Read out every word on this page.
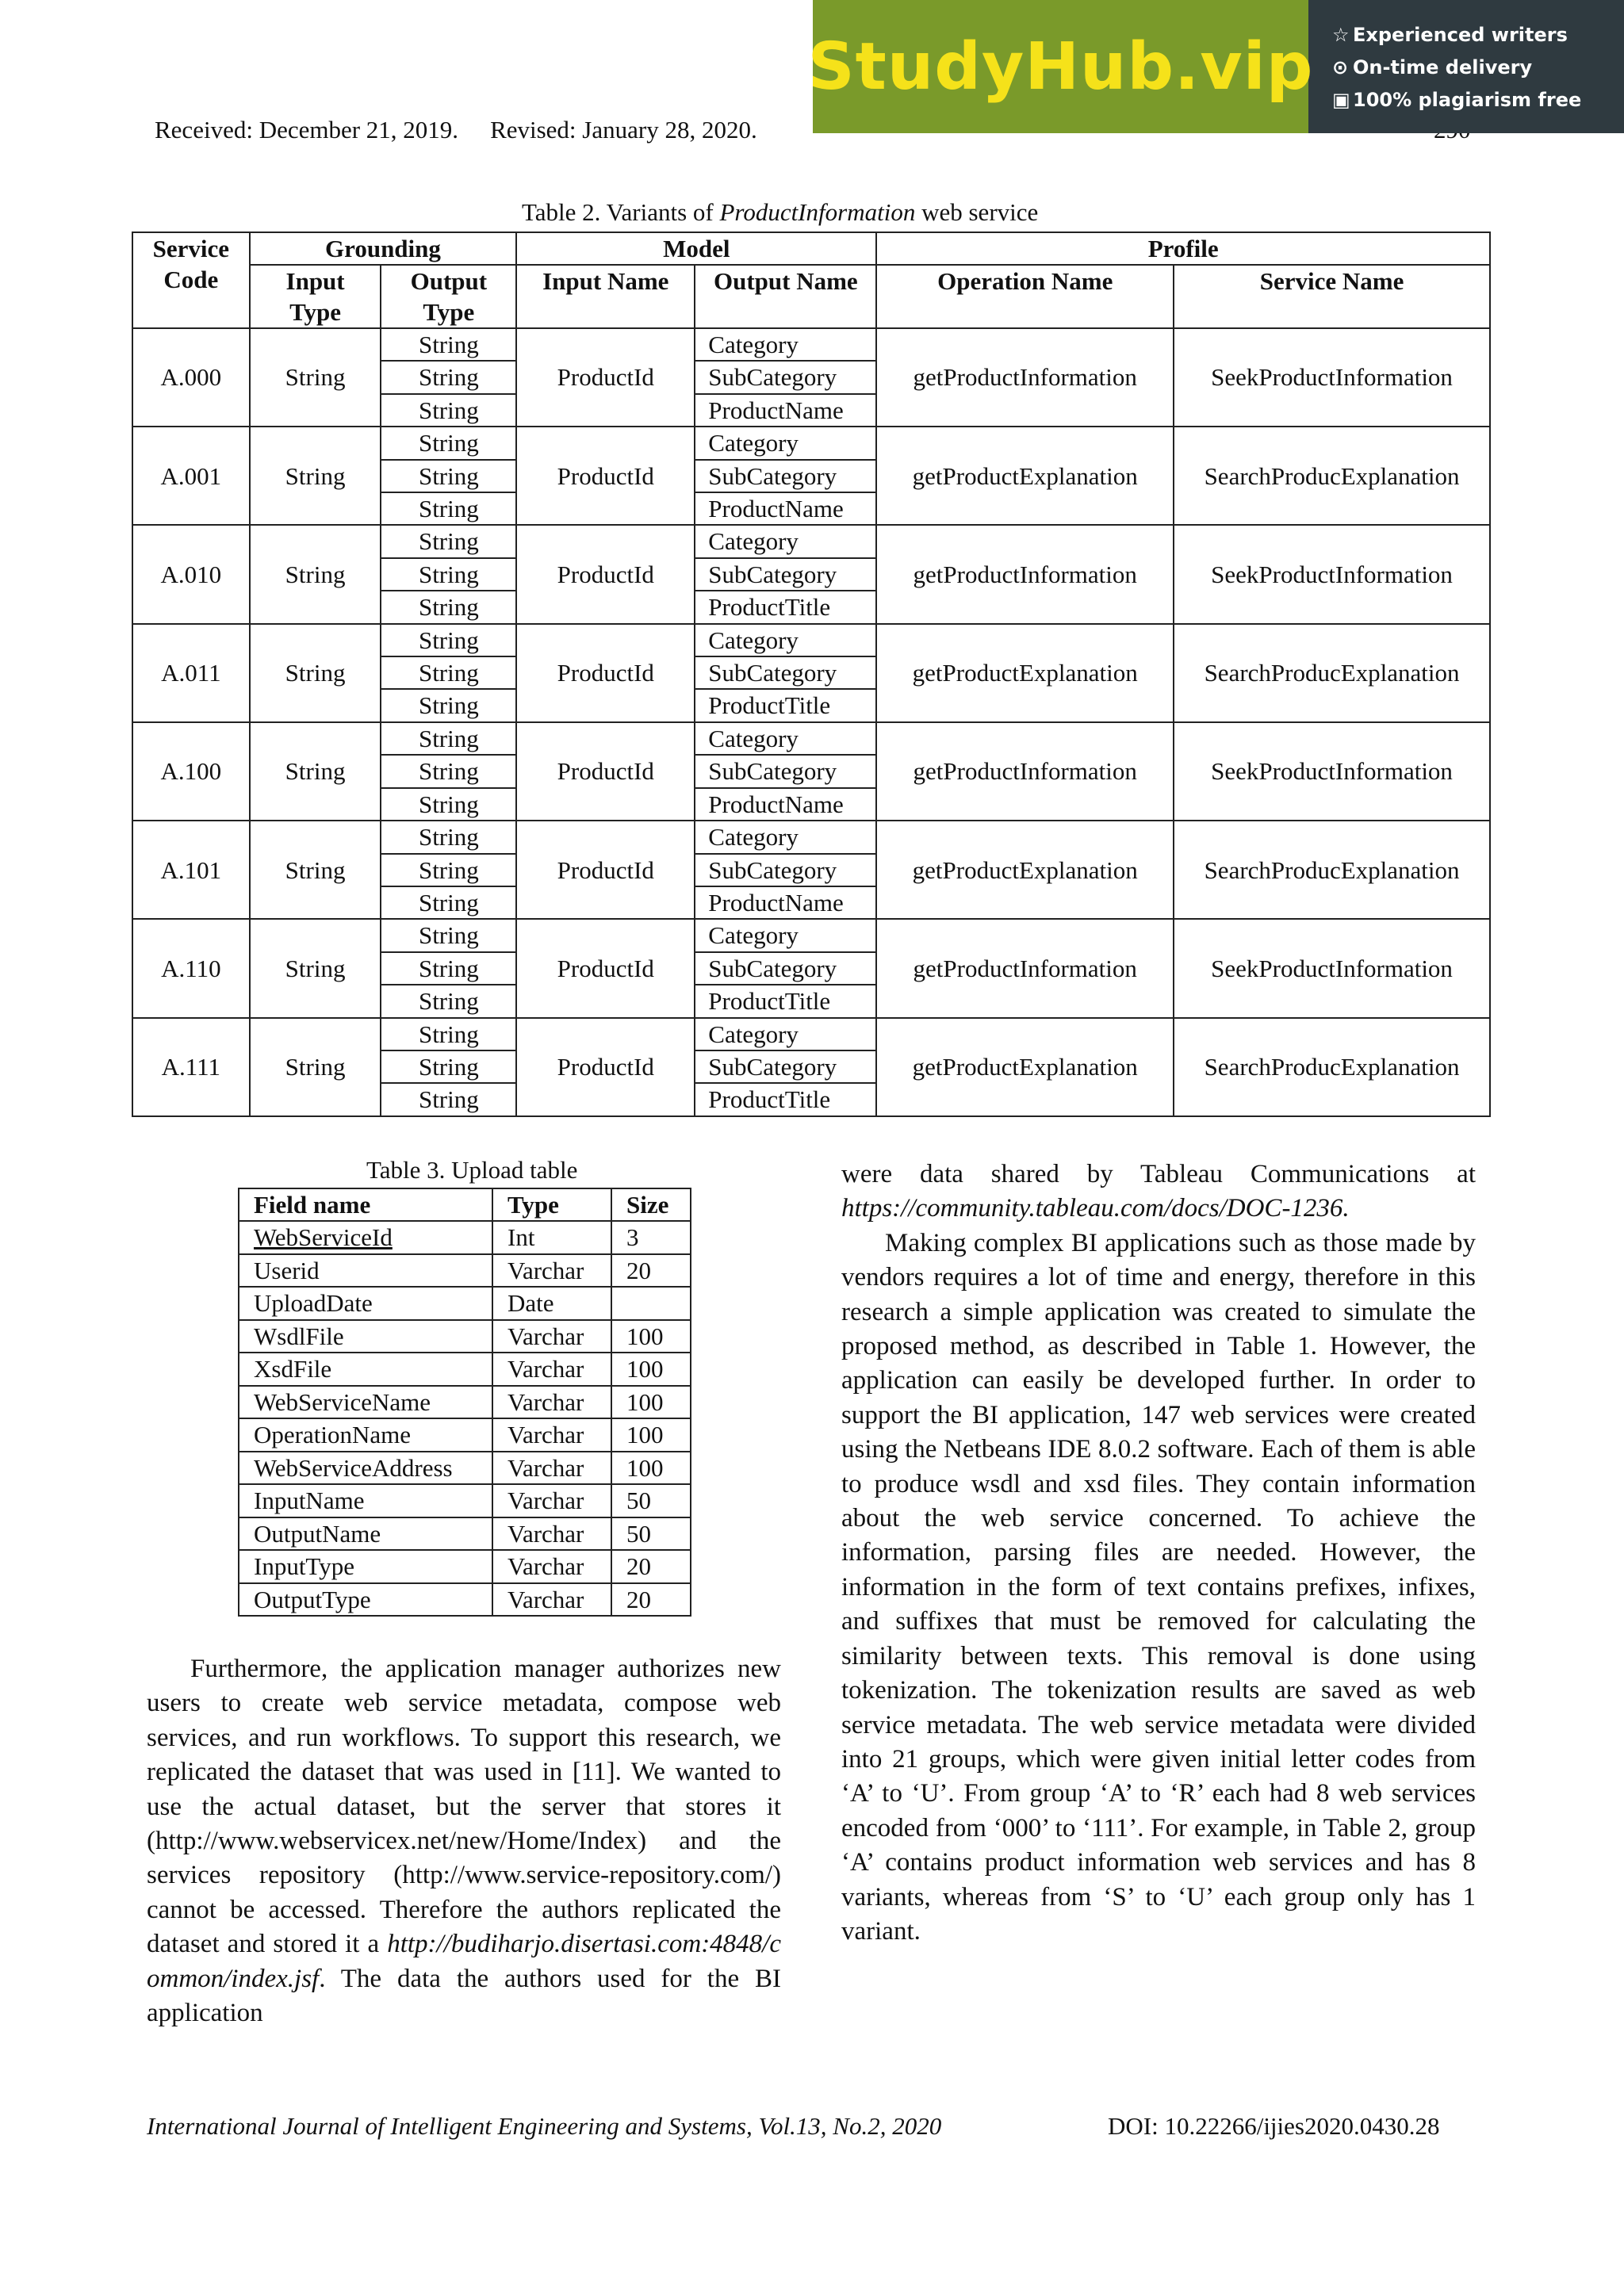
Received: December 21, 2019. Revised: January 28, 2020.
StudyHub.vip ☆ Experienced writers
⊙ On-time delivery
▣ 100% plagiarism free
Table 2. Variants of ProductInformation web service
Service Code	Grounding		Model		Profile	
	Input Type	Output Type	Input Name	Output Name	Operation Name	Service Name
A.000	String	String	ProductId	Category	getProductInformation	SeekProductInformation
		String		SubCategory		
		String		ProductName		
A.001	String	String	ProductId	Category	getProductExplanation	SearchProducExplanation
		String		SubCategory		
		String		ProductName		
A.010	String	String	ProductId	Category	getProductInformation	SeekProductInformation
		String		SubCategory		
		String		ProductTitle		
A.011	String	String	ProductId	Category	getProductExplanation	SearchProducExplanation
		String		SubCategory		
		String		ProductTitle		
A.100	String	String	ProductId	Category	getProductInformation	SeekProductInformation
		String		SubCategory		
		String		ProductName		
A.101	String	String	ProductId	Category	getProductExplanation	SearchProducExplanation
		String		SubCategory		
		String		ProductName		
A.110	String	String	ProductId	Category	getProductInformation	SeekProductInformation
		String		SubCategory		
		String		ProductTitle		
A.111	String	String	ProductId	Category	getProductExplanation	SearchProducExplanation
		String		SubCategory		
		String		ProductTitle		
Table 3. Upload table
Field name	Type	Size
WebServiceId	Int	3
Userid	Varchar	20
UploadDate	Date	
WsdlFile	Varchar	100
XsdFile	Varchar	100
WebServiceName	Varchar	100
OperationName	Varchar	100
WebServiceAddress	Varchar	100
InputName	Varchar	50
OutputName	Varchar	50
InputType	Varchar	20
OutputType	Varchar	20

Furthermore, the application manager authorizes new users to create web service metadata, compose web services, and run workflows. To support this research, we replicated the dataset that was used in [11]. We wanted to use the actual dataset, but the server that stores it (http://www.webservicex.net/new/Home/Index) and the services repository (http://www.service-repository.com/) cannot be accessed. Therefore the authors replicated the dataset and stored it a http://budiharjo.disertasi.com:4848/common/index.jsf. The data the authors used for the BI application

were data shared by Tableau Communications at https://community.tableau.com/docs/DOC-1236.

Making complex BI applications such as those made by vendors requires a lot of time and energy, therefore in this research a simple application was created to simulate the proposed method, as described in Table 1. However, the application can easily be developed further. In order to support the BI application, 147 web services were created using the Netbeans IDE 8.0.2 software. Each of them is able to produce wsdl and xsd files. They contain information about the web service concerned. To achieve the information, parsing files are needed. However, the information in the form of text contains prefixes, infixes, and suffixes that must be removed for calculating the similarity between texts. This removal is done using tokenization. The tokenization results are saved as web service metadata. The web service metadata were divided into 21 groups, which were given initial letter codes from ‘A’ to ‘U’. From group ‘A’ to ‘R’ each had 8 web services encoded from ‘000’ to ‘111’. For example, in Table 2, group ‘A’ contains product information web services and has 8 variants, whereas from ‘S’ to ‘U’ each group only has 1 variant.

International Journal of Intelligent Engineering and Systems, Vol.13, No.2, 2020	DOI: 10.22266/ijies2020.0430.28
